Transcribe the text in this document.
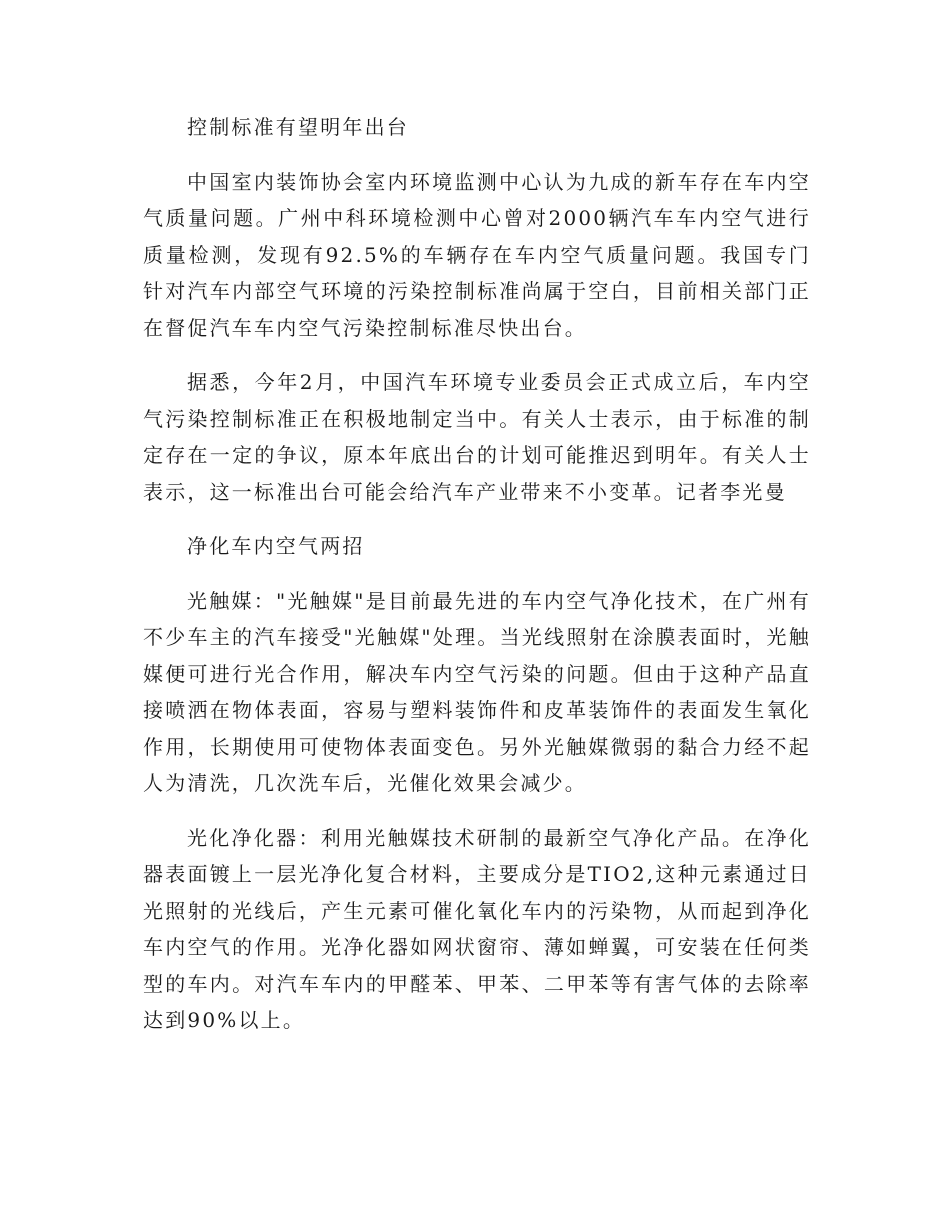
控制标准有望明年出台

中国室内装饰协会室内环境监测中心认为九成的新车存在车内空气质量问题。广州中科环境检测中心曾对2000辆汽车车内空气进行质量检测，发现有92.5%的车辆存在车内空气质量问题。我国专门针对汽车内部空气环境的污染控制标准尚属于空白，目前相关部门正在督促汽车车内空气污染控制标准尽快出台。

据悉，今年2月，中国汽车环境专业委员会正式成立后，车内空气污染控制标准正在积极地制定当中。有关人士表示，由于标准的制定存在一定的争议，原本年底出台的计划可能推迟到明年。有关人士表示，这一标准出台可能会给汽车产业带来不小变革。记者李光曼

净化车内空气两招

光触媒："光触媒"是目前最先进的车内空气净化技术，在广州有不少车主的汽车接受"光触媒"处理。当光线照射在涂膜表面时，光触媒便可进行光合作用，解决车内空气污染的问题。但由于这种产品直接喷洒在物体表面，容易与塑料装饰件和皮革装饰件的表面发生氧化作用，长期使用可使物体表面变色。另外光触媒微弱的黏合力经不起人为清洗，几次洗车后，光催化效果会减少。

光化净化器：利用光触媒技术研制的最新空气净化产品。在净化器表面镀上一层光净化复合材料，主要成分是TIO2,这种元素通过日光照射的光线后，产生元素可催化氧化车内的污染物，从而起到净化车内空气的作用。光净化器如网状窗帘、薄如蝉翼，可安装在任何类型的车内。对汽车车内的甲醛苯、甲苯、二甲苯等有害气体的去除率达到90%以上。
